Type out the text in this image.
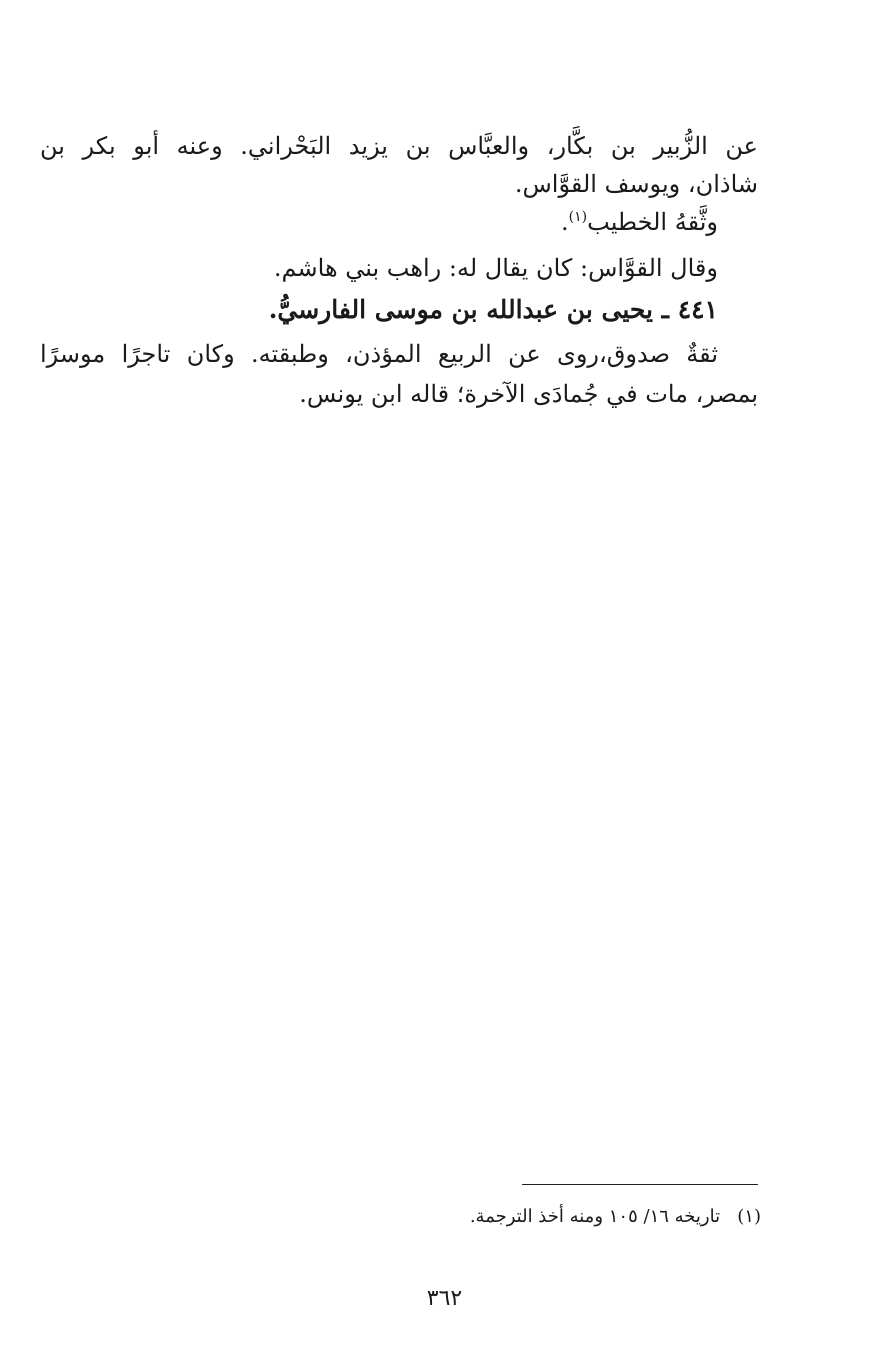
عن الزُّبير بن بكَّار، والعبَّاس بن يزيد البَحْراني. وعنه أبو بكر بن
شاذان، ويوسف القوَّاس.
وثَّقهُ الخطيب$^{(١)}$.
وقال القوَّاس: كان يقال له: راهب بني هاشم.
٤٤١ ـ يحيى بن عبدالله بن موسى الفارسيُّ.
ثقةٌ صدوق،روى عن الربيع المؤذن، وطبقته. وكان تاجرًا موسرًا
بمصر، مات في جُمادَى الآخرة؛ قاله ابن يونس.
(١)   تاريخه ١٦/ ١٠٥ ومنه أخذ الترجمة.
٣٦٢
